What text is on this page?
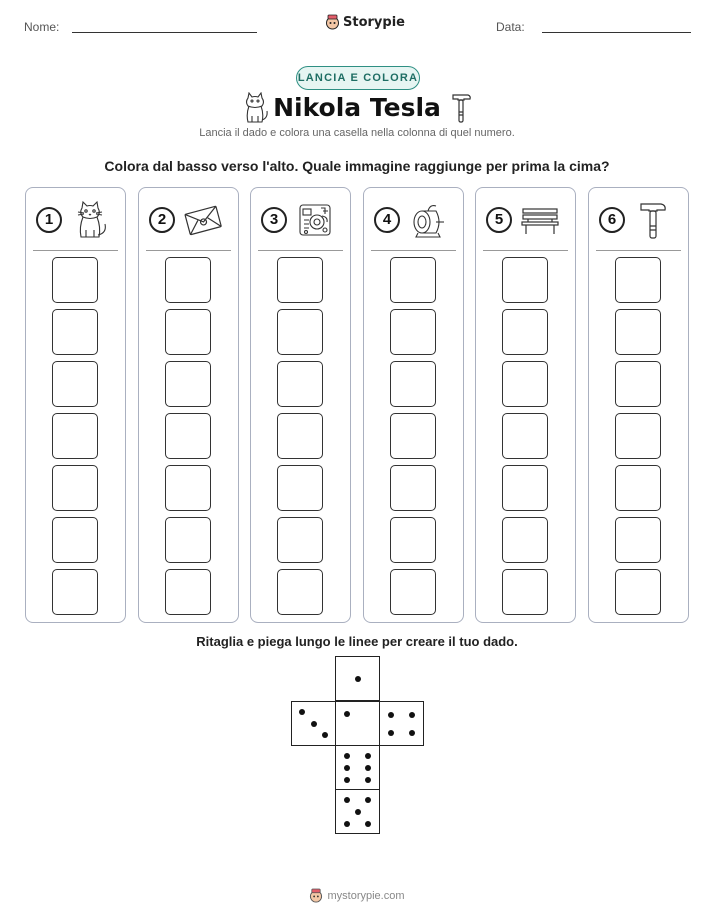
Nome:	Storypie	Data:
LANCIA E COLORA
Nikola Tesla
Lancia il dado e colora una casella nella colonna di quel numero.
Colora dal basso verso l'alto. Quale immagine raggiunge per prima la cima?
1	2	3	4	5	6
Ritaglia e piega lungo le linee per creare il tuo dado.
mystorypie.com
